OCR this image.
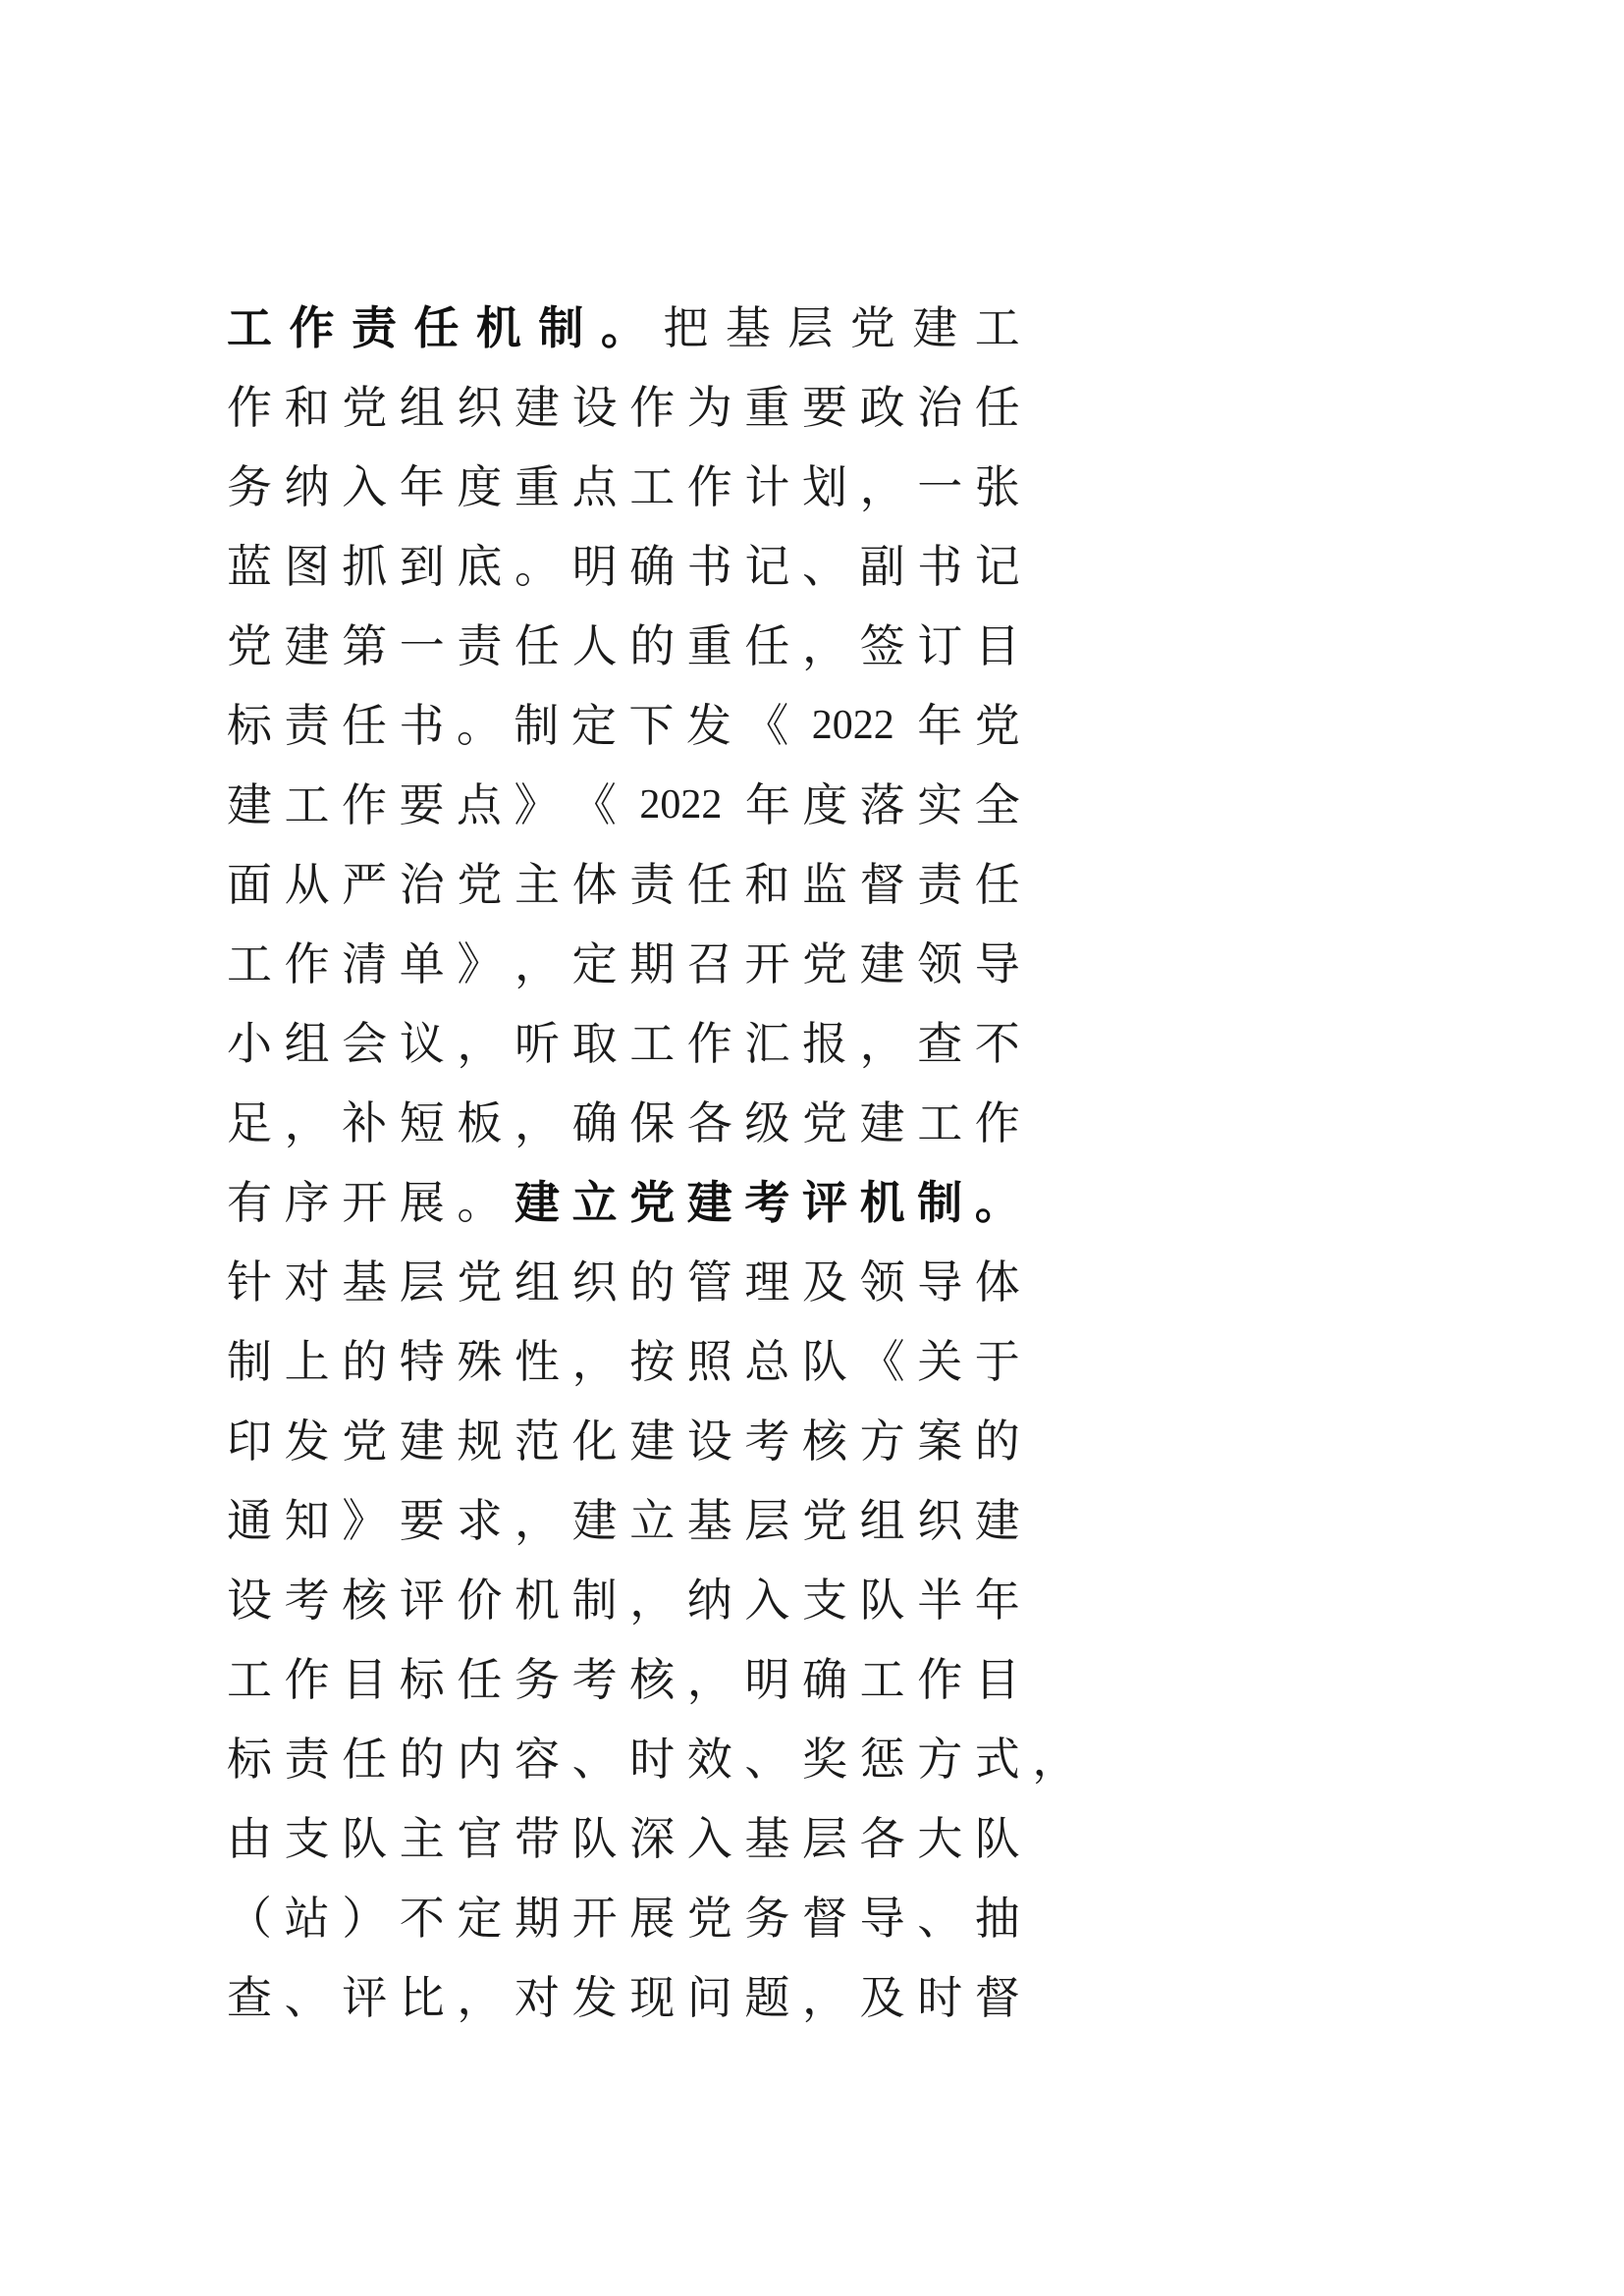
工 作 责 任 机 制 。 把 基 层 党 建 工
作 和 党 组 织 建 设 作 为 重 要 政 治 任
务 纳 入 年 度 重 点 工 作 计 划 ， 一 张
蓝 图 抓 到 底 。 明 确 书 记 、 副 书 记
党 建 第 一 责 任 人 的 重 任 ， 签 订 目
标 责 任 书 。 制 定 下 发 《 2022 年 党
建 工 作 要 点 》 《 2022 年 度 落 实 全
面 从 严 治 党 主 体 责 任 和 监 督 责 任
工 作 清 单 》 ， 定 期 召 开 党 建 领 导
小 组 会 议 ， 听 取 工 作 汇 报 ， 查 不
足 ， 补 短 板 ， 确 保 各 级 党 建 工 作
有 序 开 展 。 建 立 党 建 考 评 机 制 。
针 对 基 层 党 组 织 的 管 理 及 领 导 体
制 上 的 特 殊 性 ， 按 照 总 队 《 关 于
印 发 党 建 规 范 化 建 设 考 核 方 案 的
通 知 》 要 求 ， 建 立 基 层 党 组 织 建
设 考 核 评 价 机 制 ， 纳 入 支 队 半 年
工 作 目 标 任 务 考 核 ， 明 确 工 作 目
标 责 任 的 内 容 、 时 效 、 奖 惩 方 式 ，
由 支 队 主 官 带 队 深 入 基 层 各 大 队
（ 站 ） 不 定 期 开 展 党 务 督 导 、 抽
查 、 评 比 ， 对 发 现 问 题 ， 及 时 督
